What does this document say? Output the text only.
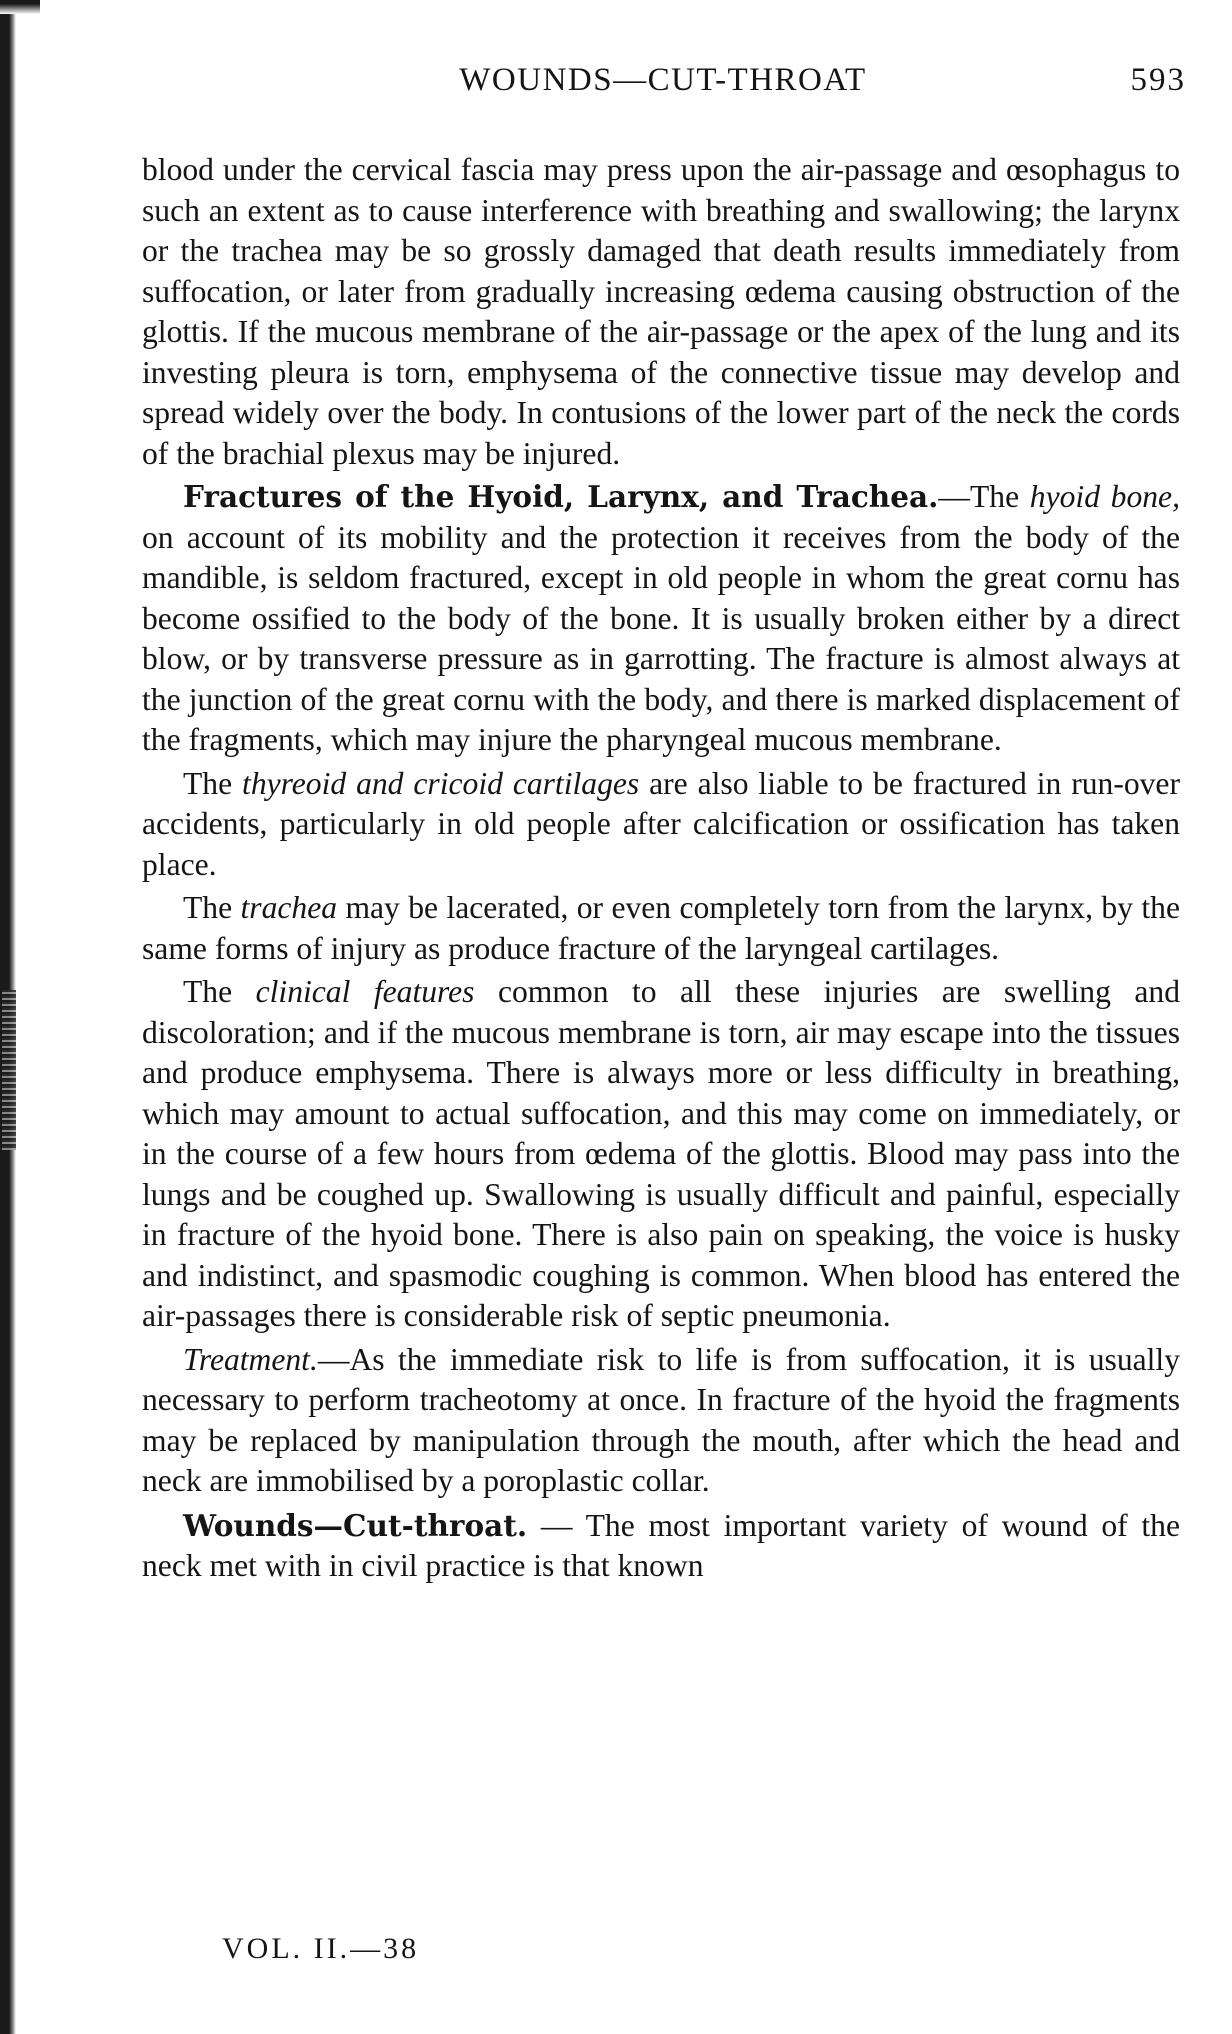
WOUNDS—CUT-THROAT	593

blood under the cervical fascia may press upon the air-passage and œsophagus to such an extent as to cause interference with breathing and swallowing; the larynx or the trachea may be so grossly damaged that death results immediately from suffocation, or later from gradually increasing œdema causing obstruction of the glottis. If the mucous membrane of the air-passage or the apex of the lung and its investing pleura is torn, emphysema of the connective tissue may develop and spread widely over the body. In contusions of the lower part of the neck the cords of the brachial plexus may be injured.

Fractures of the Hyoid, Larynx, and Trachea.—The hyoid bone, on account of its mobility and the protection it receives from the body of the mandible, is seldom fractured, except in old people in whom the great cornu has become ossified to the body of the bone. It is usually broken either by a direct blow, or by transverse pressure as in garrotting. The fracture is almost always at the junction of the great cornu with the body, and there is marked displacement of the fragments, which may injure the pharyngeal mucous membrane.

The thyreoid and cricoid cartilages are also liable to be fractured in run-over accidents, particularly in old people after calcification or ossification has taken place.

The trachea may be lacerated, or even completely torn from the larynx, by the same forms of injury as produce fracture of the laryngeal cartilages.

The clinical features common to all these injuries are swelling and discoloration; and if the mucous membrane is torn, air may escape into the tissues and produce emphysema. There is always more or less difficulty in breathing, which may amount to actual suffocation, and this may come on immediately, or in the course of a few hours from œdema of the glottis. Blood may pass into the lungs and be coughed up. Swallowing is usually difficult and painful, especially in fracture of the hyoid bone. There is also pain on speaking, the voice is husky and indistinct, and spasmodic coughing is common. When blood has entered the air-passages there is considerable risk of septic pneumonia.

Treatment.—As the immediate risk to life is from suffocation, it is usually necessary to perform tracheotomy at once. In fracture of the hyoid the fragments may be replaced by manipulation through the mouth, after which the head and neck are immobilised by a poroplastic collar.

Wounds—Cut-throat. — The most important variety of wound of the neck met with in civil practice is that known

VOL. II.—38
